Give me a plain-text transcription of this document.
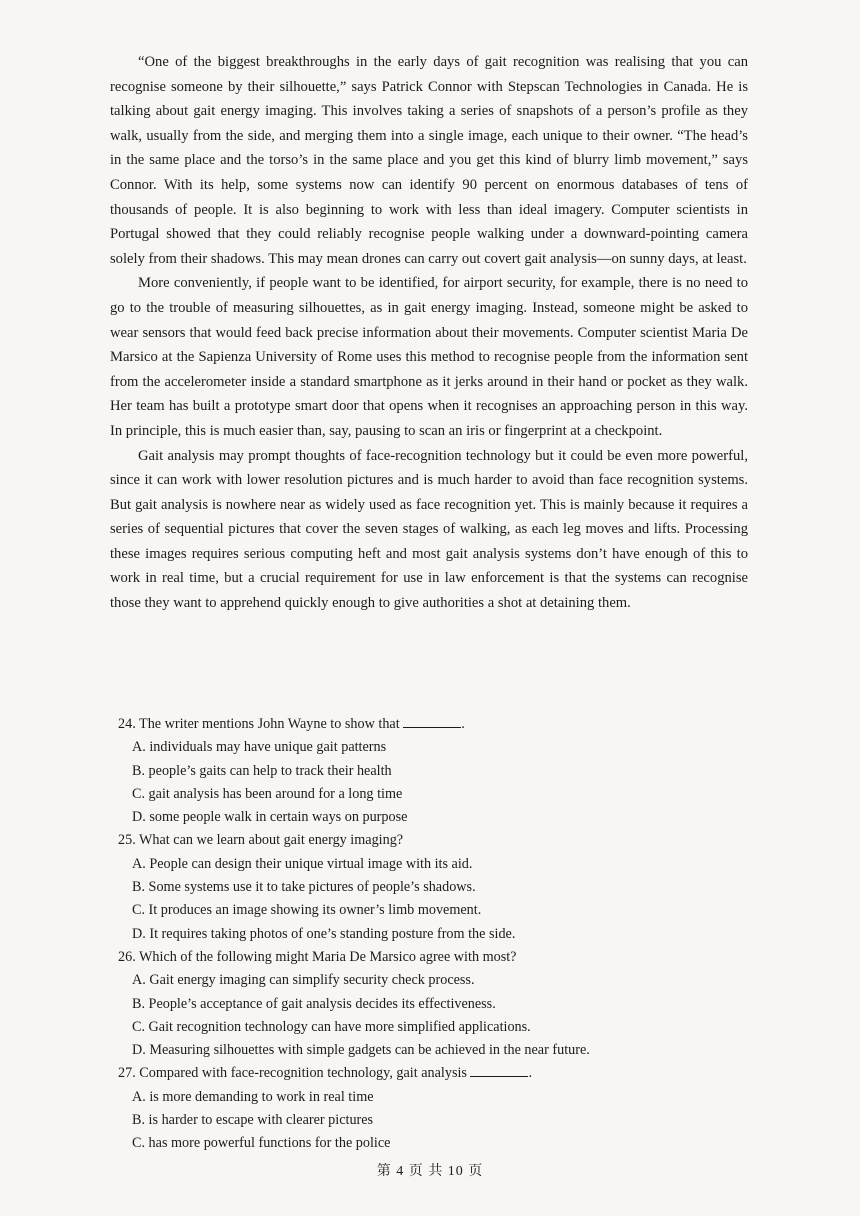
“One of the biggest breakthroughs in the early days of gait recognition was realising that you can recognise someone by their silhouette,” says Patrick Connor with Stepscan Technologies in Canada. He is talking about gait energy imaging. This involves taking a series of snapshots of a person’s profile as they walk, usually from the side, and merging them into a single image, each unique to their owner. “The head’s in the same place and the torso’s in the same place and you get this kind of blurry limb movement,” says Connor. With its help, some systems now can identify 90 percent on enormous databases of tens of thousands of people. It is also beginning to work with less than ideal imagery. Computer scientists in Portugal showed that they could reliably recognise people walking under a downward-pointing camera solely from their shadows. This may mean drones can carry out covert gait analysis—on sunny days, at least.

More conveniently, if people want to be identified, for airport security, for example, there is no need to go to the trouble of measuring silhouettes, as in gait energy imaging. Instead, someone might be asked to wear sensors that would feed back precise information about their movements. Computer scientist Maria De Marsico at the Sapienza University of Rome uses this method to recognise people from the information sent from the accelerometer inside a standard smartphone as it jerks around in their hand or pocket as they walk. Her team has built a prototype smart door that opens when it recognises an approaching person in this way. In principle, this is much easier than, say, pausing to scan an iris or fingerprint at a checkpoint.

Gait analysis may prompt thoughts of face-recognition technology but it could be even more powerful, since it can work with lower resolution pictures and is much harder to avoid than face recognition systems. But gait analysis is nowhere near as widely used as face recognition yet. This is mainly because it requires a series of sequential pictures that cover the seven stages of walking, as each leg moves and lifts. Processing these images requires serious computing heft and most gait analysis systems don’t have enough of this to work in real time, but a crucial requirement for use in law enforcement is that the systems can recognise those they want to apprehend quickly enough to give authorities a shot at detaining them.

24. The writer mentions John Wayne to show that	.
A. individuals may have unique gait patterns
B. people’s gaits can help to track their health
C. gait analysis has been around for a long time
D. some people walk in certain ways on purpose
25. What can we learn about gait energy imaging?
A. People can design their unique virtual image with its aid.
B. Some systems use it to take pictures of people’s shadows.
C. It produces an image showing its owner’s limb movement.
D. It requires taking photos of one’s standing posture from the side.
26. Which of the following might Maria De Marsico agree with most?
A. Gait energy imaging can simplify security check process.
B. People’s acceptance of gait analysis decides its effectiveness.
C. Gait recognition technology can have more simplified applications.
D. Measuring silhouettes with simple gadgets can be achieved in the near future.
27. Compared with face-recognition technology, gait analysis	.
A. is more demanding to work in real time
B. is harder to escape with clearer pictures
C. has more powerful functions for the police
第 4 页 共 10 页
